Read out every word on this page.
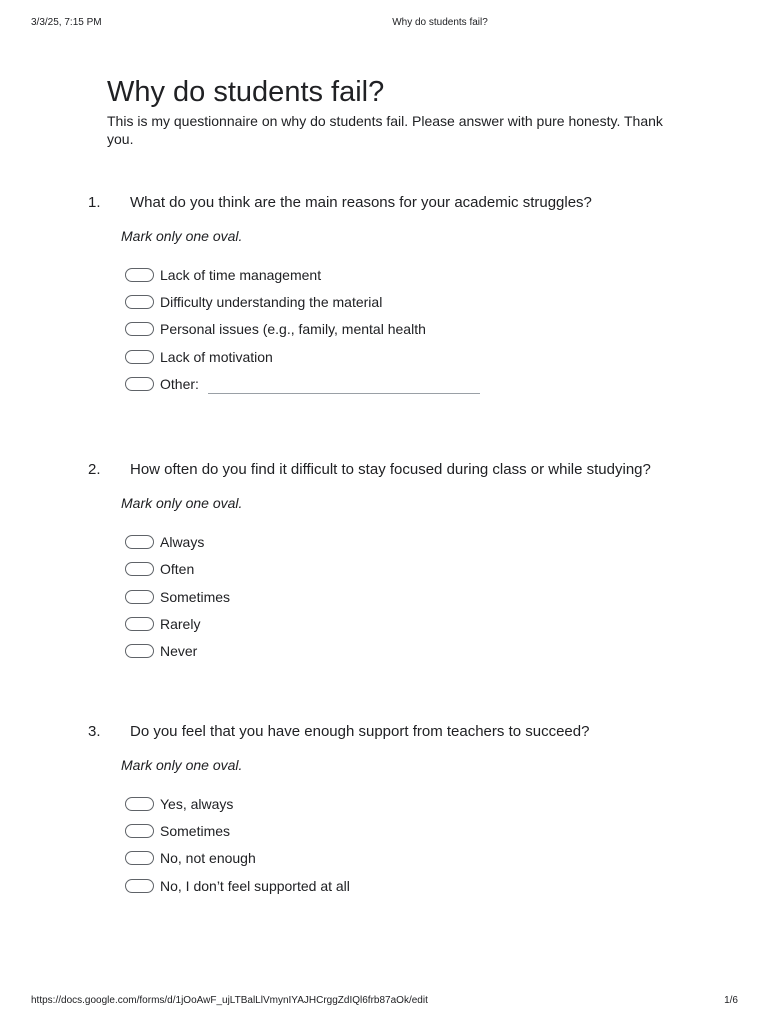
3/3/25, 7:15 PM	Why do students fail?
Why do students fail?

This is my questionnaire on why do students fail. Please answer with pure honesty. Thank you.

1. What do you think are the main reasons for your academic struggles?
Mark only one oval.
Lack of time management
Difficulty understanding the material
Personal issues (e.g., family, mental health
Lack of motivation
Other:
2. How often do you find it difficult to stay focused during class or while studying?
Mark only one oval.
Always
Often
Sometimes
Rarely
Never
3. Do you feel that you have enough support from teachers to succeed?
Mark only one oval.
Yes, always
Sometimes
No, not enough
No, I don’t feel supported at all
https://docs.google.com/forms/d/1jOoAwF_ujLTBalLlVmynIYAJHCrggZdIQl6frb87aOk/edit	1/6
